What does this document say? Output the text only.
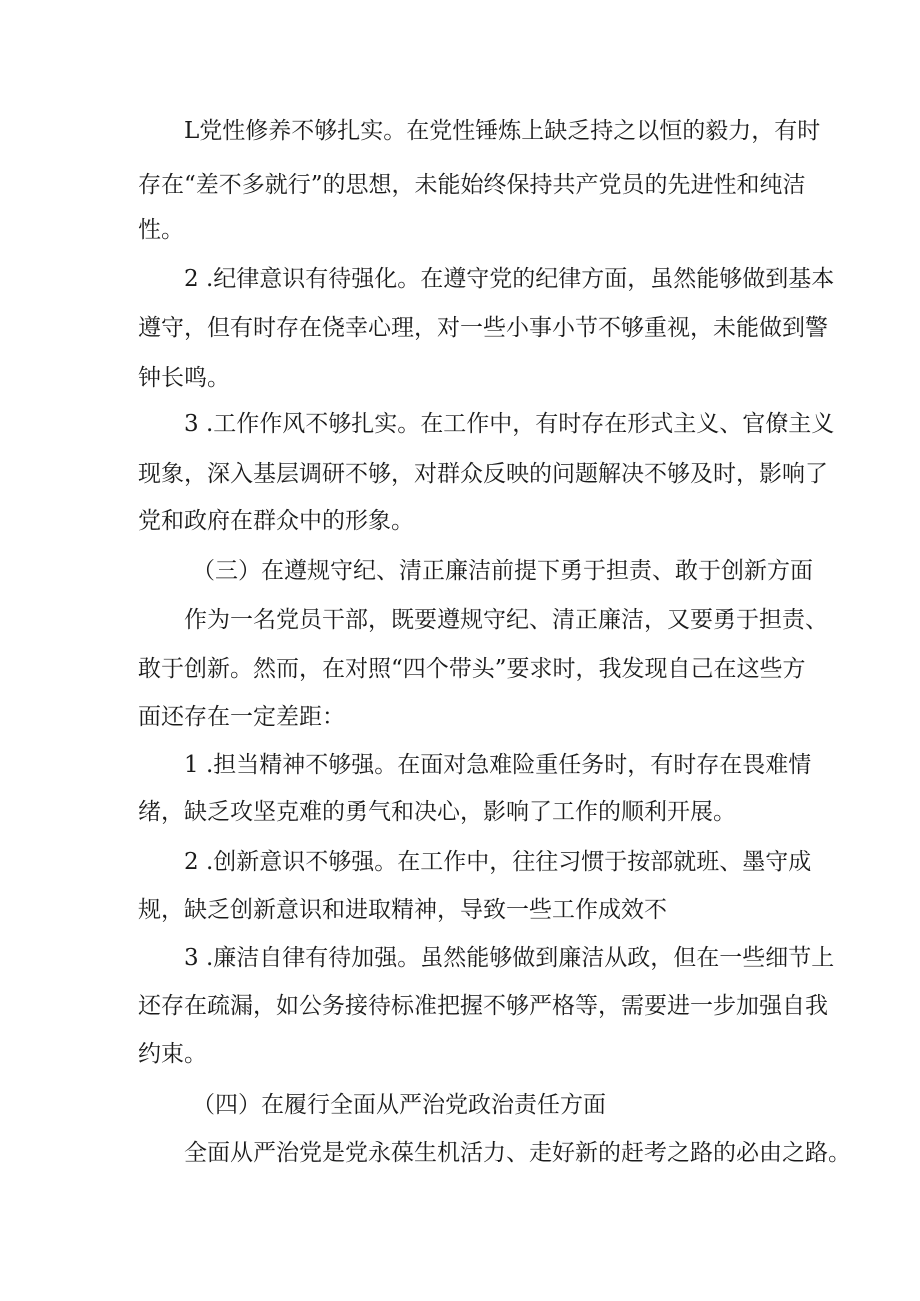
L党性修养不够扎实。在党性锤炼上缺乏持之以恒的毅力，有时
存在“差不多就行”的思想，未能始终保持共产党员的先进性和纯洁
性。
2 .纪律意识有待强化。在遵守党的纪律方面，虽然能够做到基本
遵守，但有时存在侥幸心理，对一些小事小节不够重视，未能做到警
钟长鸣。
3 .工作作风不够扎实。在工作中，有时存在形式主义、官僚主义
现象，深入基层调研不够，对群众反映的问题解决不够及时，影响了
党和政府在群众中的形象。
（三）在遵规守纪、清正廉洁前提下勇于担责、敢于创新方面
作为一名党员干部，既要遵规守纪、清正廉洁，又要勇于担责、
敢于创新。然而，在对照“四个带头”要求时，我发现自己在这些方
面还存在一定差距：
1 .担当精神不够强。在面对急难险重任务时，有时存在畏难情
绪，缺乏攻坚克难的勇气和决心，影响了工作的顺利开展。
2 .创新意识不够强。在工作中，往往习惯于按部就班、墨守成
规，缺乏创新意识和进取精神，导致一些工作成效不
3 .廉洁自律有待加强。虽然能够做到廉洁从政，但在一些细节上
还存在疏漏，如公务接待标准把握不够严格等，需要进一步加强自我
约束。
（四）在履行全面从严治党政治责任方面
全面从严治党是党永葆生机活力、走好新的赶考之路的必由之路。
